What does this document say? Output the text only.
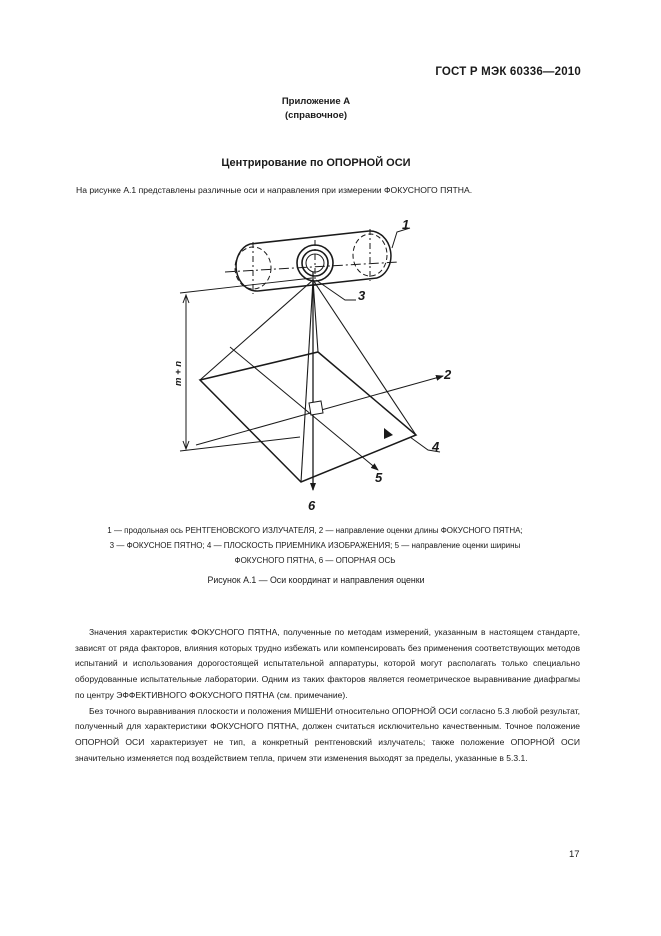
ГОСТ Р МЭК 60336—2010
Приложение А
(справочное)
Центрирование по ОПОРНОЙ ОСИ
На рисунке А.1 представлены различные оси и направления при измерении ФОКУСНОГО ПЯТНА.
1
2
3
4
5
6
m + n
1 — продольная ось РЕНТГЕНОВСКОГО ИЗЛУЧАТЕЛЯ, 2 — направление оценки длины ФОКУСНОГО ПЯТНА;
3 — ФОКУСНОЕ ПЯТНО; 4 — ПЛОСКОСТЬ ПРИЕМНИКА ИЗОБРАЖЕНИЯ; 5 — направление оценки ширины
ФОКУСНОГО ПЯТНА, 6 — ОПОРНАЯ ОСЬ
Рисунок А.1 — Оси координат и направления оценки

Значения характеристик ФОКУСНОГО ПЯТНА, полученные по методам измерений, указанным в настоящем стандарте, зависят от ряда факторов, влияния которых трудно избежать или компенсировать без применения соответствующих методов испытаний и использования дорогостоящей испытательной аппаратуры, которой могут располагать только специально оборудованные испытательные лаборатории. Одним из таких факторов является геометрическое выравнивание диафрагмы по центру ЭФФЕКТИВНОГО ФОКУСНОГО ПЯТНА (см. примечание).

Без точного выравнивания плоскости и положения МИШЕНИ относительно ОПОРНОЙ ОСИ согласно 5.3 любой результат, полученный для характеристики ФОКУСНОГО ПЯТНА, должен считаться исключительно качественным. Точное положение ОПОРНОЙ ОСИ характеризует не тип, а конкретный рентгеновский излучатель; также положение ОПОРНОЙ ОСИ значительно изменяется под воздействием тепла, причем эти изменения выходят за пределы, указанные в 5.3.1.

17
